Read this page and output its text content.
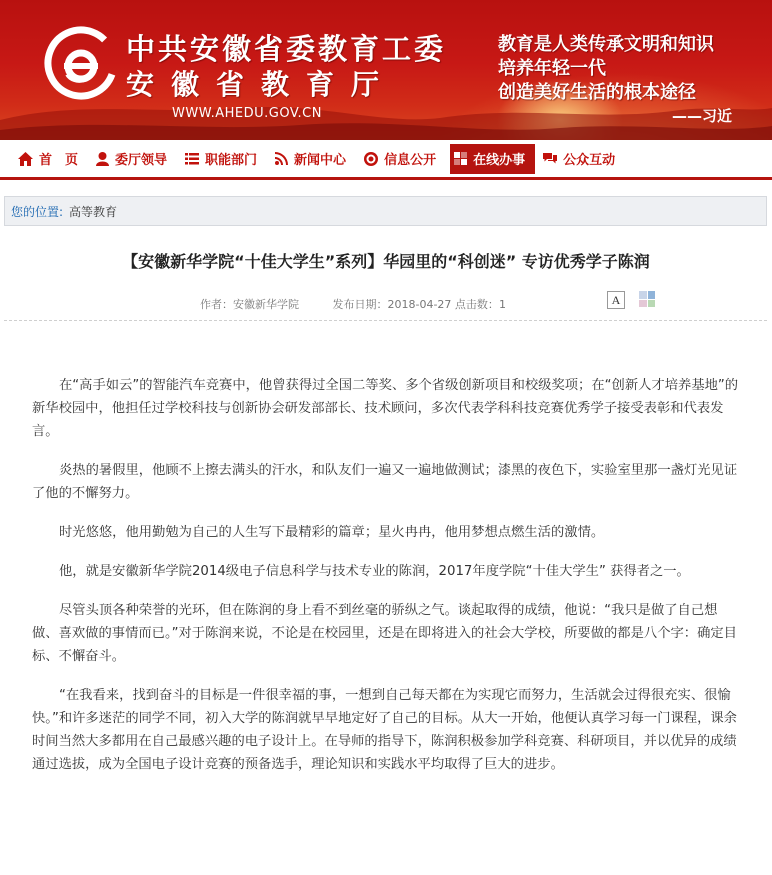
中共安徽省委教育工委
安徽省教育厅
WWW.AHEDU.GOV.CN
教育是人类传承文明和知识
培养年轻一代
创造美好生活的根本途径
——习近
首　页	委厅领导	职能部门	新闻中心	信息公开	在线办事	公众互动
您的位置: 高等教育
【安徽新华学院“十佳大学生”系列】华园里的“科创迷” 专访优秀学子陈润
作者：安徽新华学院	发布日期：2018-04-27 点击数：1	A

在“高手如云”的智能汽车竞赛中，他曾获得过全国二等奖、多个省级创新项目和校级奖项；在“创新人才培养基地”的新华校园中，他担任过学校科技与创新协会研发部部长、技术顾问，多次代表学科科技竞赛优秀学子接受表彰和代表发言。

炎热的暑假里，他顾不上擦去满头的汗水，和队友们一遍又一遍地做测试；漆黑的夜色下，实验室里那一盏灯光见证了他的不懈努力。

时光悠悠，他用勤勉为自己的人生写下最精彩的篇章；星火冉冉，他用梦想点燃生活的激情。

他，就是安徽新华学院2014级电子信息科学与技术专业的陈润，2017年度学院“十佳大学生” 获得者之一。

尽管头顶各种荣誉的光环，但在陈润的身上看不到丝毫的骄纵之气。谈起取得的成绩，他说：“我只是做了自己想做、喜欢做的事情而已。”对于陈润来说，不论是在校园里，还是在即将进入的社会大学校，所要做的都是八个字：确定目标、不懈奋斗。

“在我看来，找到奋斗的目标是一件很幸福的事，一想到自己每天都在为实现它而努力，生活就会过得很充实、很愉快。”和许多迷茫的同学不同，初入大学的陈润就早早地定好了自己的目标。从大一开始，他便认真学习每一门课程，课余时间当然大多都用在自己最感兴趣的电子设计上。在导师的指导下，陈润积极参加学科竞赛、科研项目，并以优异的成绩通过选拔，成为全国电子设计竞赛的预备选手，理论知识和实践水平均取得了巨大的进步。
